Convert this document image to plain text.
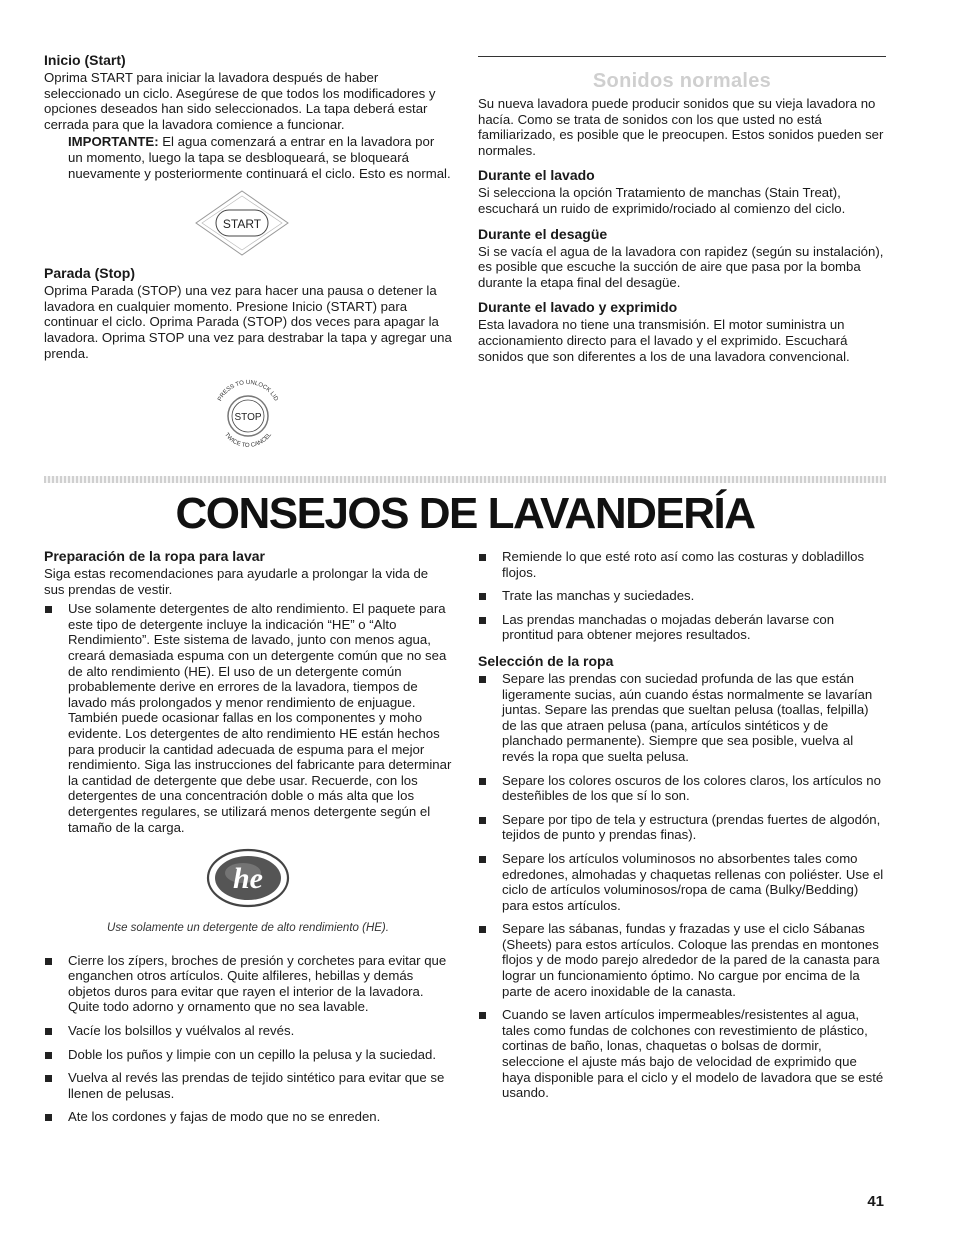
Inicio (Start)

Oprima START para iniciar la lavadora después de haber seleccionado un ciclo. Asegúrese de que todos los modificadores y opciones deseados han sido seleccionados. La tapa deberá estar cerrada para que la lavadora comience a funcionar.

IMPORTANTE: El agua comenzará a entrar en la lavadora por un momento, luego la tapa se desbloqueará, se bloqueará nuevamente y posteriormente continuará el ciclo. Esto es normal.

START
Parada (Stop)

Oprima Parada (STOP) una vez para hacer una pausa o detener la lavadora en cualquier momento. Presione Inicio (START) para continuar el ciclo. Oprima Parada (STOP) dos veces para apagar la lavadora. Oprima STOP una vez para destrabar la tapa y agregar una prenda.

PRESS TO UNLOCK LID
TWICE TO CANCEL
STOP
Sonidos normales

Su nueva lavadora puede producir sonidos que su vieja lavadora no hacía. Como se trata de sonidos con los que usted no está familiarizado, es posible que le preocupen. Estos sonidos pueden ser normales.

Durante el lavado

Si selecciona la opción Tratamiento de manchas (Stain Treat), escuchará un ruido de exprimido/rociado al comienzo del ciclo.

Durante el desagüe

Si se vacía el agua de la lavadora con rapidez (según su instalación), es posible que escuche la succión de aire que pasa por la bomba durante la etapa final del desagüe.

Durante el lavado y exprimido

Esta lavadora no tiene una transmisión. El motor suministra un accionamiento directo para el lavado y el exprimido. Escuchará sonidos que son diferentes a los de una lavadora convencional.

CONSEJOS DE LAVANDERÍA
Preparación de la ropa para lavar

Siga estas recomendaciones para ayudarle a prolongar la vida de sus prendas de vestir.

Use solamente detergentes de alto rendimiento. El paquete para este tipo de detergente incluye la indicación “HE” o “Alto Rendimiento”. Este sistema de lavado, junto con menos agua, creará demasiada espuma con un detergente común que no sea de alto rendimiento (HE). El uso de un detergente común probablemente derive en errores de la lavadora, tiempos de lavado más prolongados y menor rendimiento de enjuague. También puede ocasionar fallas en los componentes y moho evidente. Los detergentes de alto rendimiento HE están hechos para producir la cantidad adecuada de espuma para el mejor rendimiento. Siga las instrucciones del fabricante para determinar la cantidad de detergente que debe usar. Recuerde, con los detergentes de una concentración doble o más alta que los detergentes regulares, se utilizará menos detergente según el tamaño de la carga.
he
Use solamente un detergente de alto rendimiento (HE).
Cierre los zípers, broches de presión y corchetes para evitar que enganchen otros artículos. Quite alfileres, hebillas y demás objetos duros para evitar que rayen el interior de la lavadora. Quite todo adorno y ornamento que no sea lavable.
Vacíe los bolsillos y vuélvalos al revés.
Doble los puños y limpie con un cepillo la pelusa y la suciedad.
Vuelva al revés las prendas de tejido sintético para evitar que se llenen de pelusas.
Ate los cordones y fajas de modo que no se enreden.
Remiende lo que esté roto así como las costuras y dobladillos flojos.
Trate las manchas y suciedades.
Las prendas manchadas o mojadas deberán lavarse con prontitud para obtener mejores resultados.
Selección de la ropa
Separe las prendas con suciedad profunda de las que están ligeramente sucias, aún cuando éstas normalmente se lavarían juntas. Separe las prendas que sueltan pelusa (toallas, felpilla) de las que atraen pelusa (pana, artículos sintéticos y de planchado permanente). Siempre que sea posible, vuelva al revés la ropa que suelta pelusa.
Separe los colores oscuros de los colores claros, los artículos no desteñibles de los que sí lo son.
Separe por tipo de tela y estructura (prendas fuertes de algodón, tejidos de punto y prendas finas).
Separe los artículos voluminosos no absorbentes tales como edredones, almohadas y chaquetas rellenas con poliéster. Use el ciclo de artículos voluminosos/ropa de cama (Bulky/Bedding) para estos artículos.
Separe las sábanas, fundas y frazadas y use el ciclo Sábanas (Sheets) para estos artículos. Coloque las prendas en montones flojos y de modo parejo alrededor de la pared de la canasta para lograr un funcionamiento óptimo. No cargue por encima de la parte de acero inoxidable de la canasta.
Cuando se laven artículos impermeables/resistentes al agua, tales como fundas de colchones con revestimiento de plástico, cortinas de baño, lonas, chaquetas o bolsas de dormir, seleccione el ajuste más bajo de velocidad de exprimido que haya disponible para el ciclo y el modelo de lavadora que se esté usando.
41
